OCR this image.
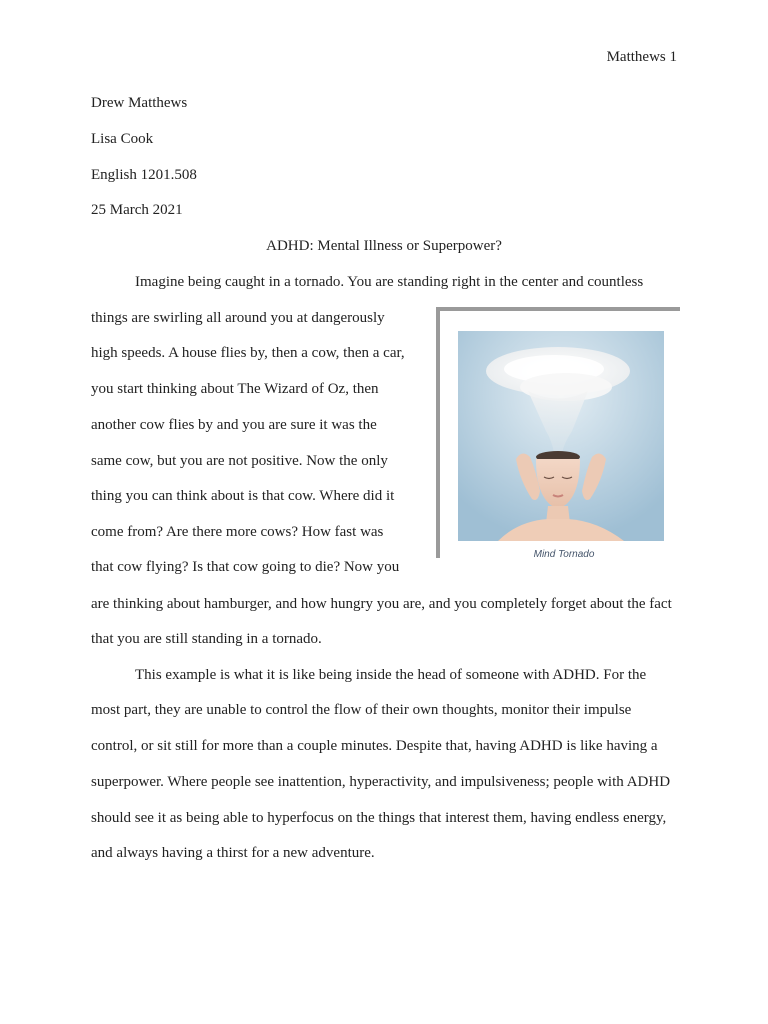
Matthews 1
Drew Matthews
Lisa Cook
English 1201.508
25 March 2021
ADHD: Mental Illness or Superpower?
Imagine being caught in a tornado. You are standing right in the center and countless
things are swirling all around you at dangerously
high speeds. A house flies by, then a cow, then a car,
you start thinking about The Wizard of Oz, then
another cow flies by and you are sure it was the
same cow, but you are not positive. Now the only
thing you can think about is that cow. Where did it
come from? Are there more cows? How fast was
that cow flying? Is that cow going to die? Now you
are thinking about hamburger, and how hungry you are, and you completely forget about the fact
that you are still standing in a tornado.
This example is what it is like being inside the head of someone with ADHD. For the
most part, they are unable to control the flow of their own thoughts, monitor their impulse
control, or sit still for more than a couple minutes. Despite that, having ADHD is like having a
superpower. Where people see inattention, hyperactivity, and impulsiveness; people with ADHD
should see it as being able to hyperfocus on the things that interest them, having endless energy,
and always having a thirst for a new adventure.
Mind Tornado
